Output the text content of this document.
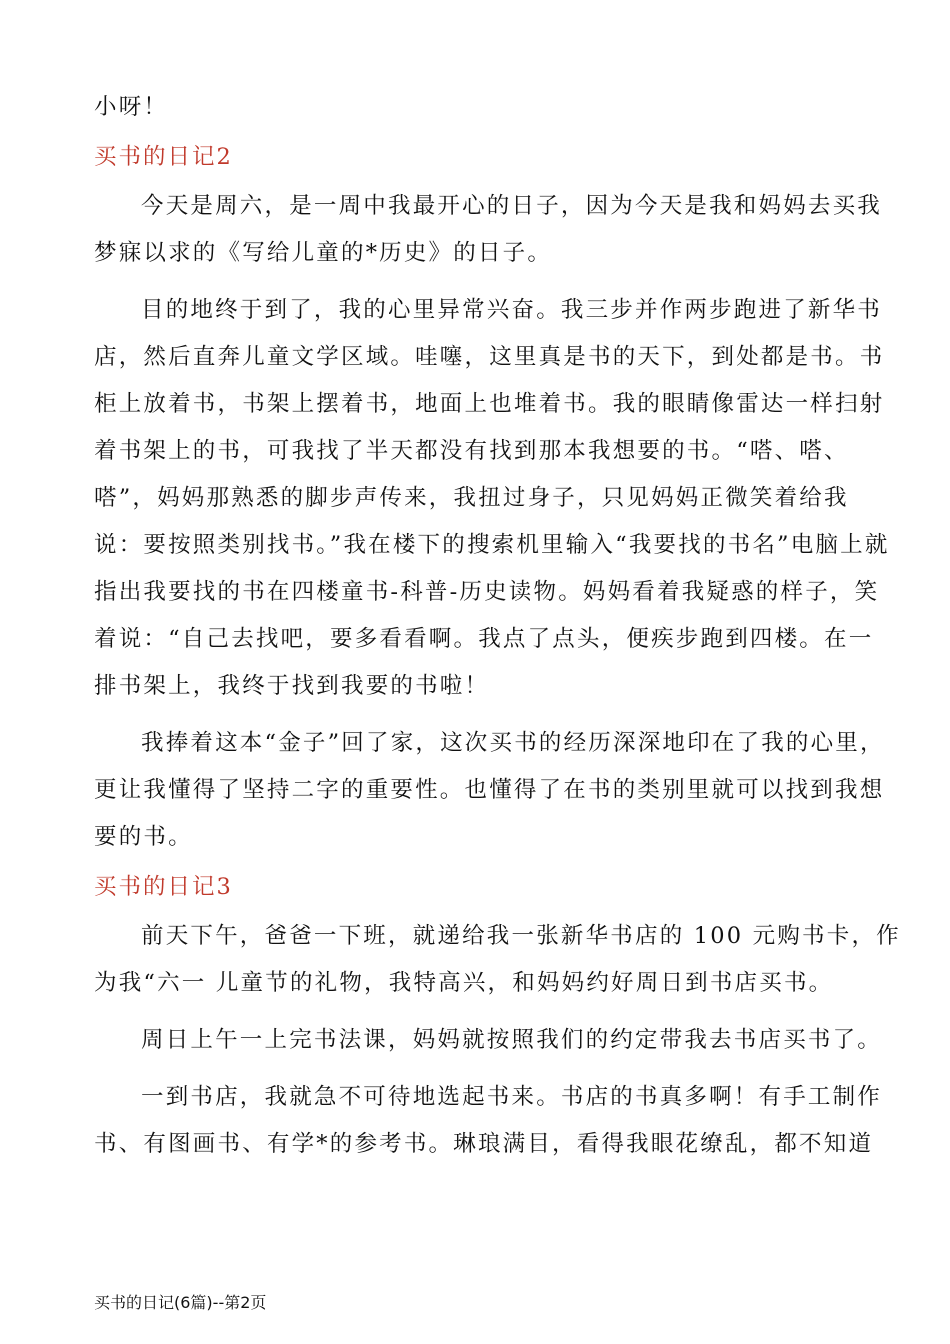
小呀！

买书的日记2

今天是周六，是一周中我最开心的日子，因为今天是我和妈妈去买我

梦寐以求的《写给儿童的*历史》的日子。

目的地终于到了，我的心里异常兴奋。我三步并作两步跑进了新华书

店，然后直奔儿童文学区域。哇噻，这里真是书的天下，到处都是书。书

柜上放着书，书架上摆着书，地面上也堆着书。我的眼睛像雷达一样扫射

着书架上的书，可我找了半天都没有找到那本我想要的书。“嗒、嗒、

嗒”，妈妈那熟悉的脚步声传来，我扭过身子，只见妈妈正微笑着给我

说：要按照类别找书。”我在楼下的搜索机里输入“我要找的书名”电脑上就

指出我要找的书在四楼童书-科普-历史读物。妈妈看着我疑惑的样子，笑

着说：“自己去找吧，要多看看啊。我点了点头，便疾步跑到四楼。在一

排书架上，我终于找到我要的书啦！

我捧着这本“金子”回了家，这次买书的经历深深地印在了我的心里，

更让我懂得了坚持二字的重要性。也懂得了在书的类别里就可以找到我想

要的书。

买书的日记3

前天下午，爸爸一下班，就递给我一张新华书店的 100 元购书卡，作

为我“六一 儿童节的礼物，我特高兴，和妈妈约好周日到书店买书。

周日上午一上完书法课，妈妈就按照我们的约定带我去书店买书了。

一到书店，我就急不可待地选起书来。书店的书真多啊！有手工制作

书、有图画书、有学*的参考书。琳琅满目，看得我眼花缭乱，都不知道

买书的日记(6篇)--第2页
